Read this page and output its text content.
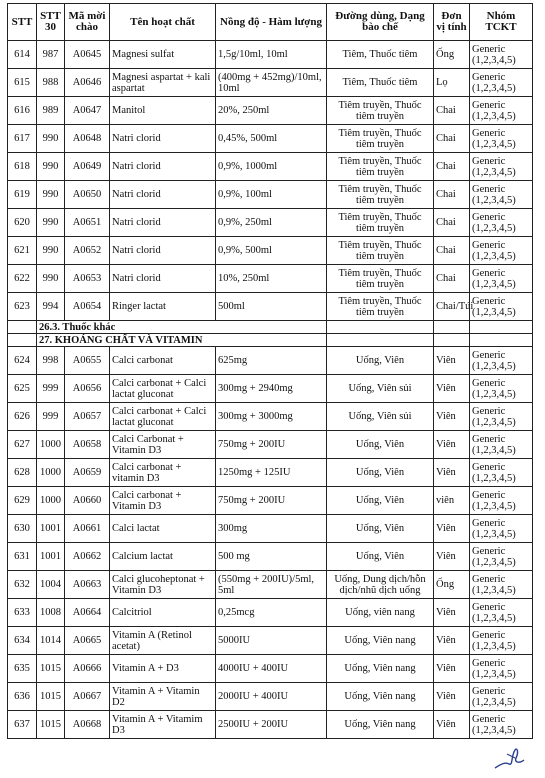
STT	STT 30	Mã mời chào	Tên hoạt chất	Nồng độ - Hàm lượng	Đường dùng, Dạng bào chế	Đơn vị tính	Nhóm TCKT
614	987	A0645	Magnesi sulfat	1,5g/10ml, 10ml	Tiêm, Thuốc tiêm	Ống	Generic (1,2,3,4,5)
615	988	A0646	Magnesi aspartat + kali aspartat	(400mg + 452mg)/10ml, 10ml	Tiêm, Thuốc tiêm	Lọ	Generic (1,2,3,4,5)
616	989	A0647	Manitol	20%, 250ml	Tiêm truyền, Thuốc tiêm truyền	Chai	Generic (1,2,3,4,5)
617	990	A0648	Natri clorid	0,45%, 500ml	Tiêm truyền, Thuốc tiêm truyền	Chai	Generic (1,2,3,4,5)
618	990	A0649	Natri clorid	0,9%, 1000ml	Tiêm truyền, Thuốc tiêm truyền	Chai	Generic (1,2,3,4,5)
619	990	A0650	Natri clorid	0,9%, 100ml	Tiêm truyền, Thuốc tiêm truyền	Chai	Generic (1,2,3,4,5)
620	990	A0651	Natri clorid	0,9%, 250ml	Tiêm truyền, Thuốc tiêm truyền	Chai	Generic (1,2,3,4,5)
621	990	A0652	Natri clorid	0,9%, 500ml	Tiêm truyền, Thuốc tiêm truyền	Chai	Generic (1,2,3,4,5)
622	990	A0653	Natri clorid	10%, 250ml	Tiêm truyền, Thuốc tiêm truyền	Chai	Generic (1,2,3,4,5)
623	994	A0654	Ringer lactat	500ml	Tiêm truyền, Thuốc tiêm truyền	Chai/Túi	Generic (1,2,3,4,5)
	26.3. Thuốc khác						
	27. KHOÁNG CHẤT VÀ VITAMIN						
624	998	A0655	Calci carbonat	625mg	Uống, Viên	Viên	Generic (1,2,3,4,5)
625	999	A0656	Calci carbonat + Calci lactat gluconat	300mg + 2940mg	Uống, Viên sủi	Viên	Generic (1,2,3,4,5)
626	999	A0657	Calci carbonat + Calci lactat gluconat	300mg + 3000mg	Uống, Viên sủi	Viên	Generic (1,2,3,4,5)
627	1000	A0658	Calci Carbonat + Vitamin D3	750mg + 200IU	Uống, Viên	Viên	Generic (1,2,3,4,5)
628	1000	A0659	Calci carbonat + vitamin D3	1250mg + 125IU	Uống, Viên	Viên	Generic (1,2,3,4,5)
629	1000	A0660	Calci carbonat + Vitamin D3	750mg + 200IU	Uống, Viên	viên	Generic (1,2,3,4,5)
630	1001	A0661	Calci lactat	300mg	Uống, Viên	Viên	Generic (1,2,3,4,5)
631	1001	A0662	Calcium lactat	500 mg	Uống, Viên	Viên	Generic (1,2,3,4,5)
632	1004	A0663	Calci glucoheptonat + Vitamin D3	(550mg + 200IU)/5ml, 5ml	Uống, Dung dịch/hỗn dịch/nhũ dịch uống	Ống	Generic (1,2,3,4,5)
633	1008	A0664	Calcitriol	0,25mcg	Uống, viên nang	Viên	Generic (1,2,3,4,5)
634	1014	A0665	Vitamin A (Retinol acetat)	5000IU	Uống, Viên nang	Viên	Generic (1,2,3,4,5)
635	1015	A0666	Vitamin A + D3	4000IU + 400IU	Uống, Viên nang	Viên	Generic (1,2,3,4,5)
636	1015	A0667	Vitamin A + Vitamin D2	2000IU + 400IU	Uống, Viên nang	Viên	Generic (1,2,3,4,5)
637	1015	A0668	Vitamin A + Vitamim D3	2500IU + 200IU	Uống, Viên nang	Viên	Generic (1,2,3,4,5)
